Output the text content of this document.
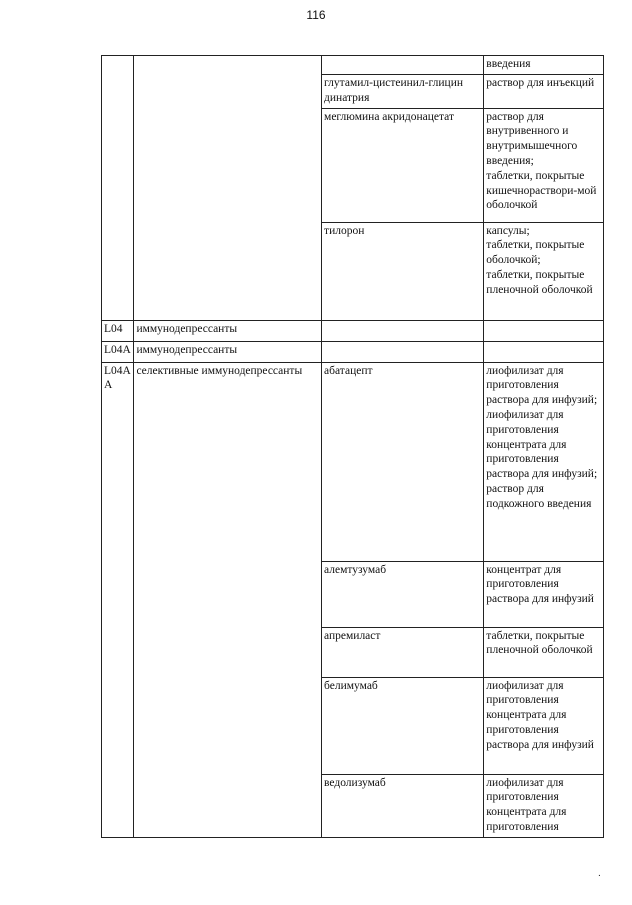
116
			введения
		глутамил-цистеинил-глицин динатрия	раствор для инъекций
		меглюмина акридонацетат	раствор для внутривенного и внутримышечного введения;
таблетки, покрытые кишечнораствори-мой оболочкой
		тилорон	капсулы;
таблетки, покрытые оболочкой;
таблетки, покрытые пленочной оболочкой
L04	иммунодепрессанты		
L04A	иммунодепрессанты		
L04A A	селективные иммунодепрессанты	абатацепт	лиофилизат для приготовления раствора для инфузий;
лиофилизат для приготовления концентрата для приготовления раствора для инфузий;
раствор для подкожного введения
		алемтузумаб	концентрат для приготовления раствора для инфузий
		апремиласт	таблетки, покрытые пленочной оболочкой
		белимумаб	лиофилизат для приготовления концентрата для приготовления раствора для инфузий
		ведолизумаб	лиофилизат для приготовления концентрата для приготовления
.
